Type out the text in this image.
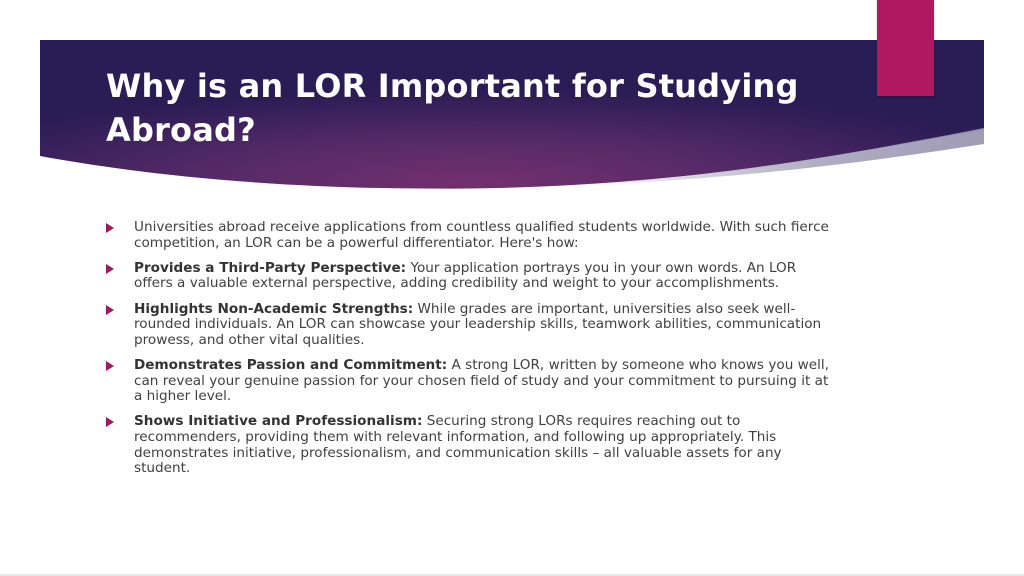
Why is an LOR Important for Studying Abroad?
Universities abroad receive applications from countless qualified students worldwide. With such fierce competition, an LOR can be a powerful differentiator. Here's how:
Provides a Third-Party Perspective: Your application portrays you in your own words. An LOR offers a valuable external perspective, adding credibility and weight to your accomplishments.
Highlights Non-Academic Strengths: While grades are important, universities also seek well-rounded individuals. An LOR can showcase your leadership skills, teamwork abilities, communication prowess, and other vital qualities.
Demonstrates Passion and Commitment: A strong LOR, written by someone who knows you well, can reveal your genuine passion for your chosen field of study and your commitment to pursuing it at a higher level.
Shows Initiative and Professionalism: Securing strong LORs requires reaching out to recommenders, providing them with relevant information, and following up appropriately. This demonstrates initiative, professionalism, and communication skills – all valuable assets for any student.
